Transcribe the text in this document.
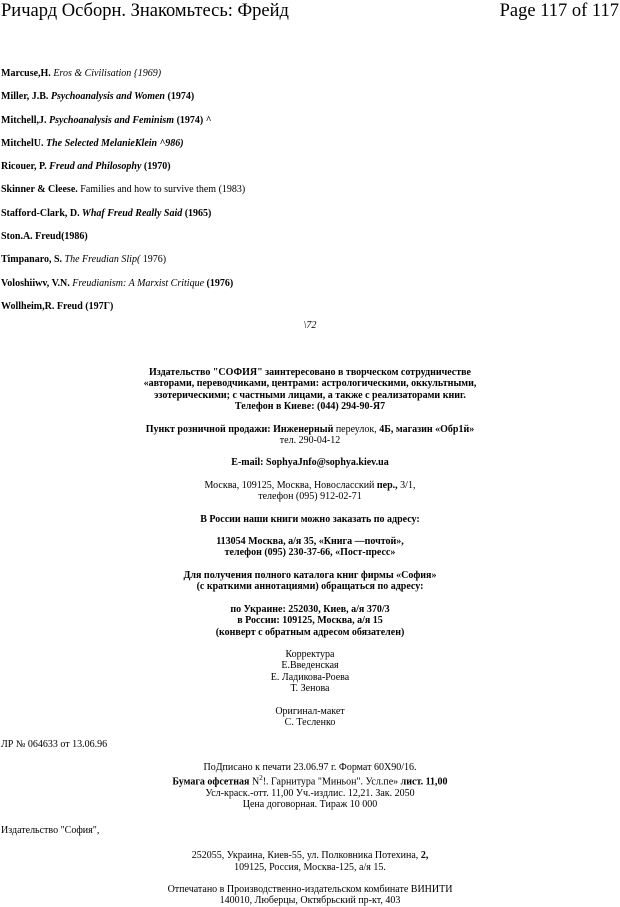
Ричард Осборн. Знакомьтесь: Фрейд	Page 117 of 117
Marcuse,H. Eros & Civilisation {1969)
Miller, J.B. Psychoanalysis and Women (1974)
Mitchell,J. Psychoanalysis and Feminism (1974) ^
MitchelU. The Selected MelanieKlein ^986)
Ricouer, P. Freud and Philosophy (1970)
Skinner & Cleese. Families and how to survive them (1983)
Stafford-Clark, D. Whaf Freud Really Said (1965)
Ston.A. Freud(1986)
Timpanaro, S. The Freudian Slip( 1976)
Voloshiiwv, V.N. Freudianism: A Marxist Critique (1976)
Wollheim,R. Freud (197Г)
\72
Издательство "СОФИЯ" заинтересовано в творческом сотрудничестве
«авторами, переводчиками, центрами: астрологическими, оккультными,
эзотерическими; с частными лицами, а также с реализаторами книг.
Телефон в Киеве: (044) 294-90-Я7
Пункт розничной продажи: Инженерный переулок, 4Б, магазин «Обр1й»
тел. 290-04-12
E-mail: SophyaJnfo@sophya.kiev.ua
Москва, 109125, Москва, Новосласский пер., 3/1,
телефон (095) 912-02-71
В России наши книги можно заказать по адресу:
113054 Москва, а/я 35, «Книга —почтой»,
телефон (095) 230-37-66, «Пост-пресс»
Для получения полного каталога книг фирмы «София»
(с краткими аннотациями) обращаться по адресу:
по Украине: 252030, Киев, а/я 370/3
в России: 109125, Москва, а/я 15
(конверт с обратным адресом обязателен)
Корректура
Е.Введенская
Е. Ладикова-Роева
Т. Зенова
Оригинал-макет
С. Тесленко
ЛР № 064633 от 13.06.96
ПоДписано к печати 23.06.97 г. Формат 60X90/16.
Бумага офсетная $N^2$!. Гарнитура "Миньон". Усл.пе» лист. 11,00
Усл-краск.-отт. 11,00 Уч.-издлис. 12,21. Зак. 2050
Цена договорная. Тираж 10 000
Издательство "София",
252055, Украина, Киев-55, ул. Полковника Потехина, 2,
109125, Россия, Москва-125, а/я 15.
Отпечатано в Производственно-издательском комбинате ВИНИТИ
140010, Люберцы, Октябрьский пр-кт, 403
